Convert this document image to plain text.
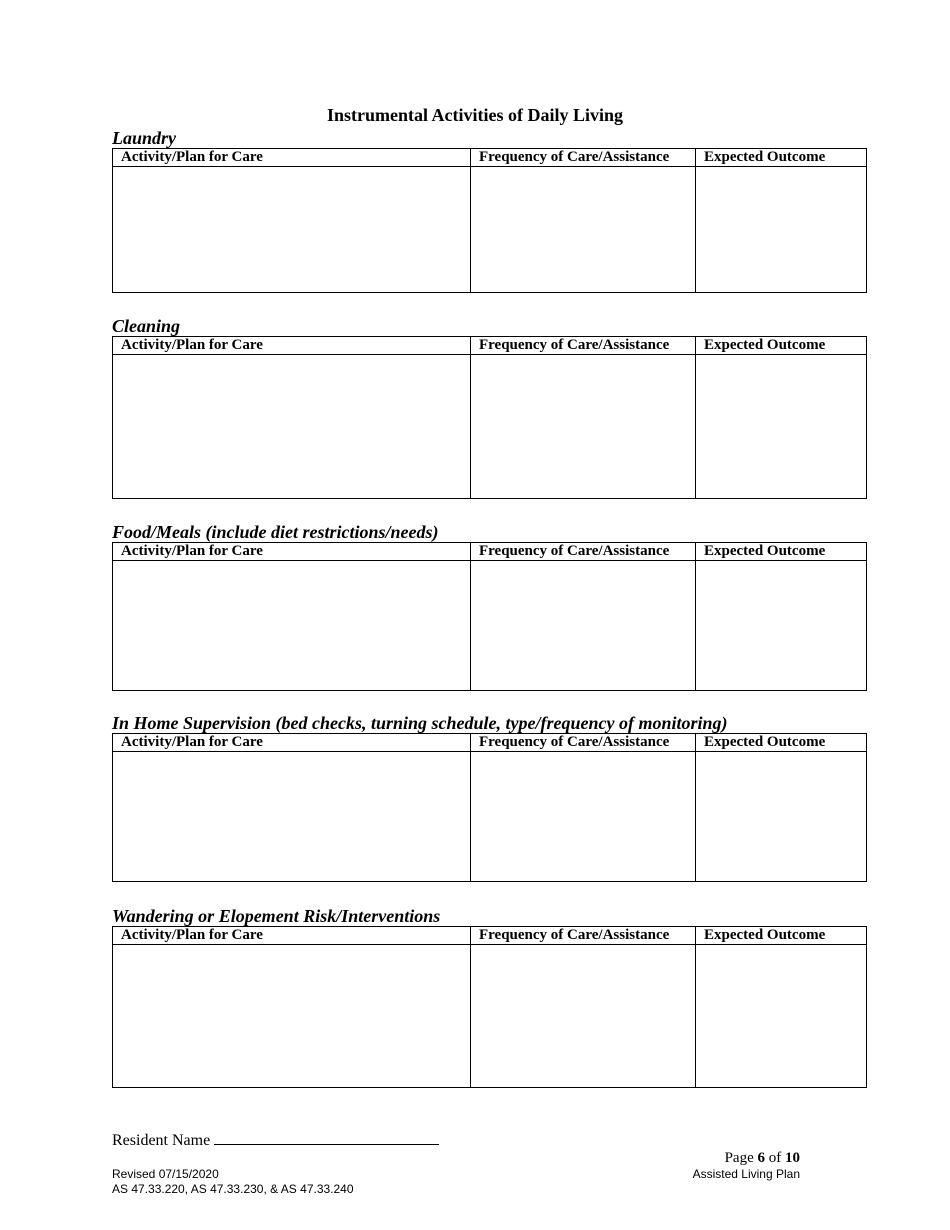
Instrumental Activities of Daily Living
Laundry
Activity/Plan for Care	Frequency of Care/Assistance	Expected Outcome

Cleaning
Activity/Plan for Care	Frequency of Care/Assistance	Expected Outcome

Food/Meals (include diet restrictions/needs)
Activity/Plan for Care	Frequency of Care/Assistance	Expected Outcome

In Home Supervision (bed checks, turning schedule, type/frequency of monitoring)
Activity/Plan for Care	Frequency of Care/Assistance	Expected Outcome

Wandering or Elopement Risk/Interventions
Activity/Plan for Care	Frequency of Care/Assistance	Expected Outcome

Resident Name
Page 6 of 10
Revised 07/15/2020
AS 47.33.220, AS 47.33.230, & AS 47.33.240
Assisted Living Plan
